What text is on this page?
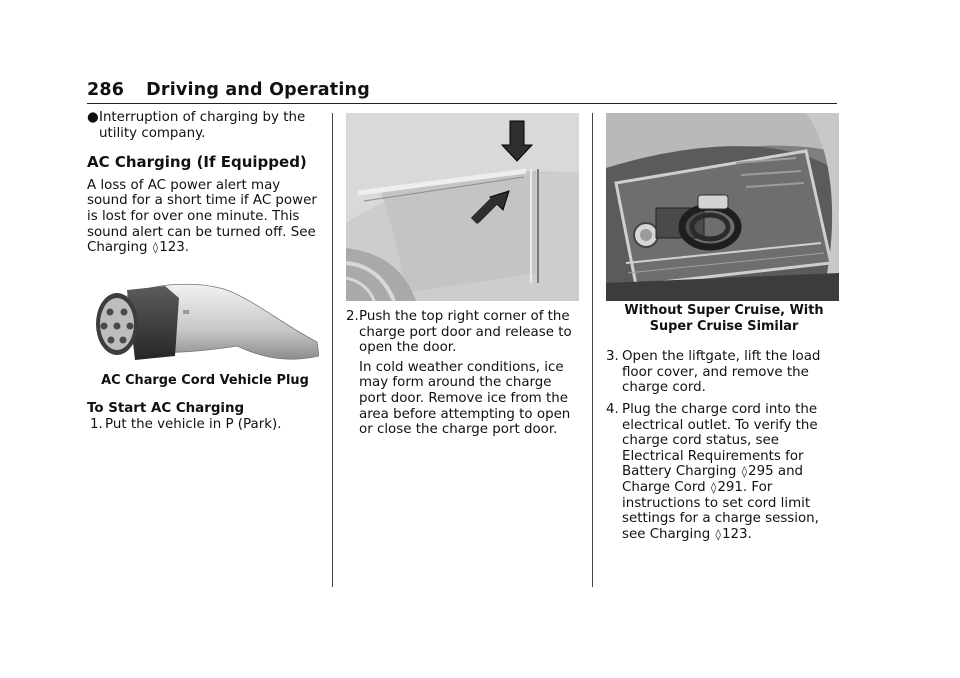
286 Driving and Operating
● Interruption of charging by the utility company.
AC Charging (If Equipped)

A loss of AC power alert may sound for a short time if AC power is lost for over one minute. This sound alert can be turned off. See Charging ◊123.

AC Charge Cord Vehicle Plug

To Start AC Charging

1. Put the vehicle in P (Park).
2. Push the top right corner of the charge port door and release to open the door.

In cold weather conditions, ice may form around the charge port door. Remove ice from the area before attempting to open or close the charge port door.

Without Super Cruise, With Super Cruise Similar
3. Open the liftgate, lift the load floor cover, and remove the charge cord.
4. Plug the charge cord into the electrical outlet. To verify the charge cord status, see Electrical Requirements for Battery Charging ◊295 and Charge Cord ◊291. For instructions to set cord limit settings for a charge session, see Charging ◊123.
